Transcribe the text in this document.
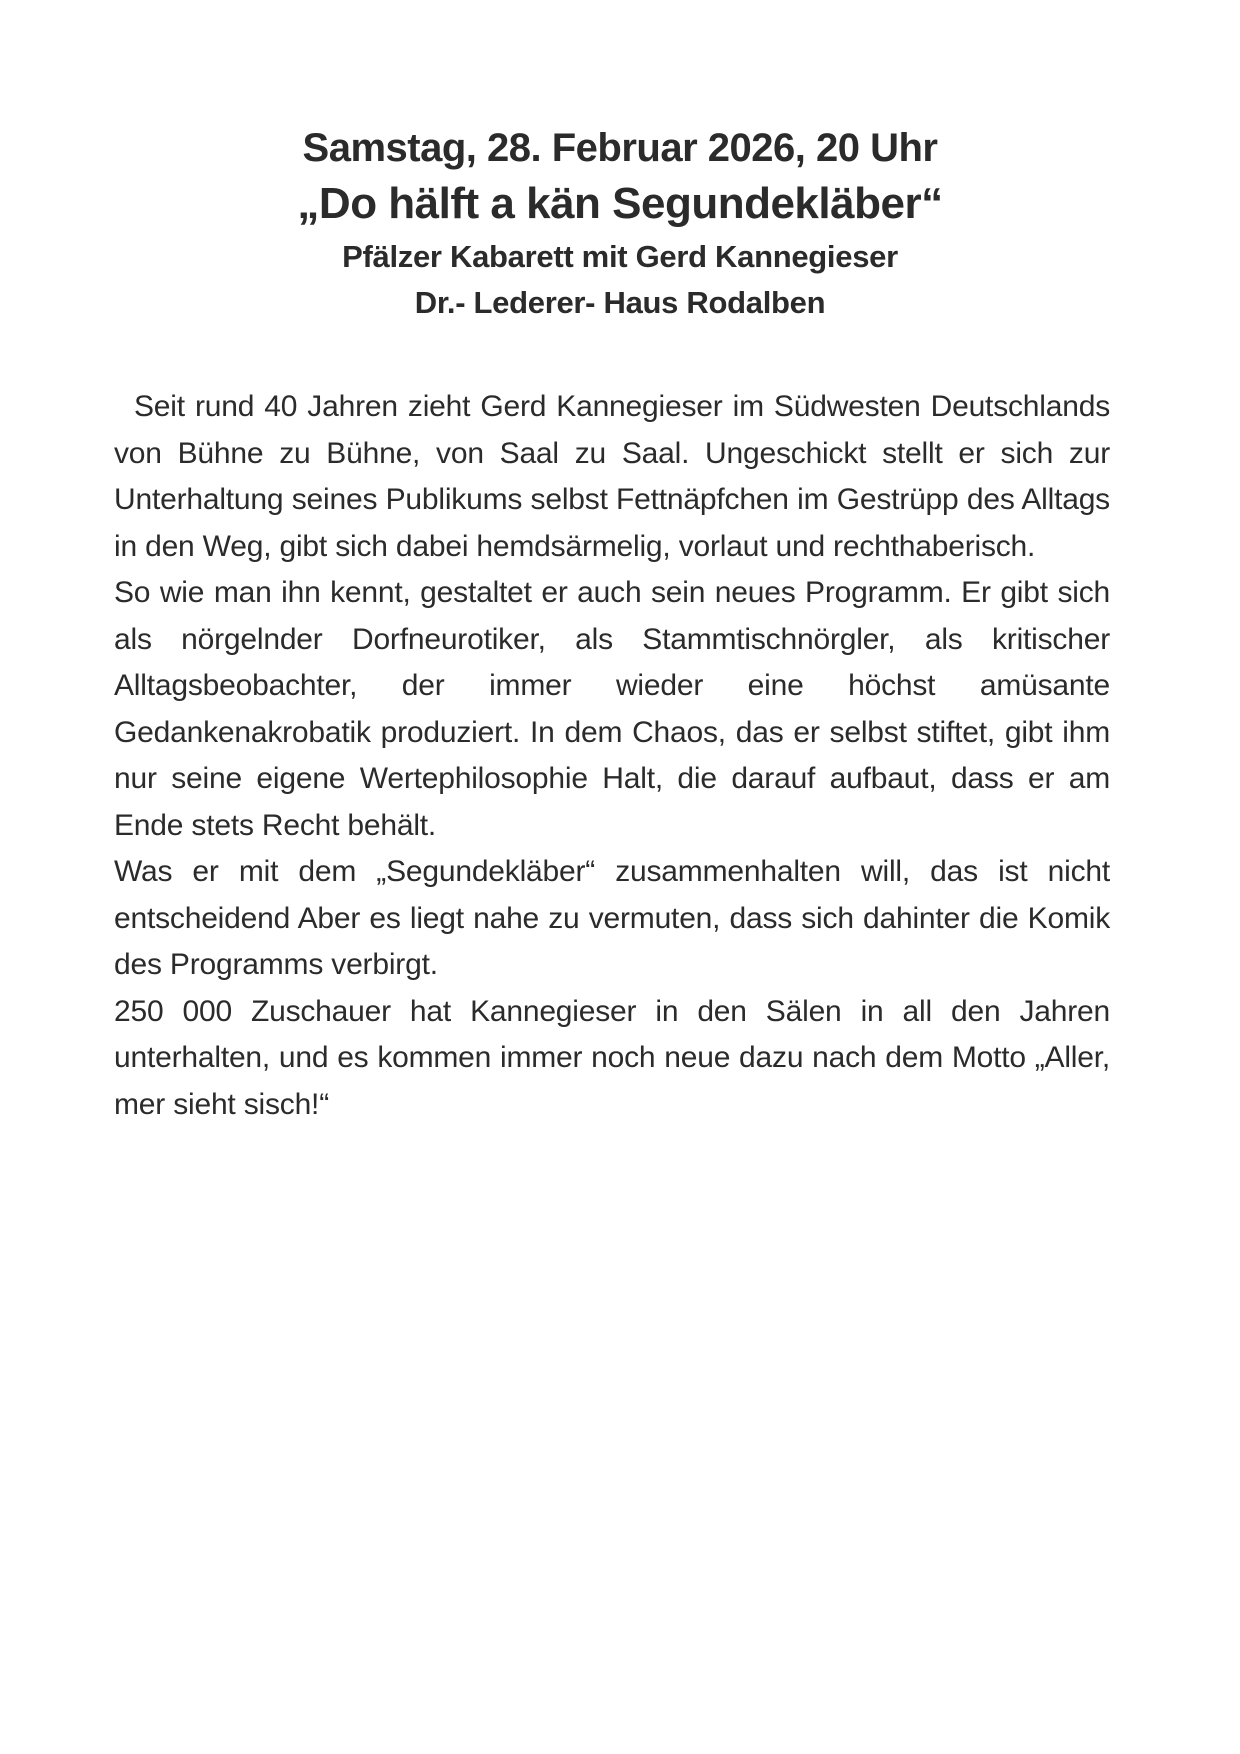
Samstag, 28. Februar 2026, 20 Uhr

„Do hälft a kän Segundekläber“

Pfälzer Kabarett mit Gerd Kannegieser

Dr.- Lederer- Haus Rodalben

Seit rund 40 Jahren zieht Gerd Kannegieser im Südwesten Deutschlands von Bühne zu Bühne, von Saal zu Saal. Ungeschickt stellt er sich zur Unterhaltung seines Publikums selbst Fettnäpfchen im Gestrüpp des Alltags in den Weg, gibt sich dabei hemdsärmelig, vorlaut und rechthaberisch.

So wie man ihn kennt, gestaltet er auch sein neues Programm. Er gibt sich als nörgelnder Dorfneurotiker, als Stammtischnörgler, als kritischer Alltagsbeobachter, der immer wieder eine höchst amüsante Gedankenakrobatik produziert. In dem Chaos, das er selbst stiftet, gibt ihm nur seine eigene Wertephilosophie Halt, die darauf aufbaut, dass er am Ende stets Recht behält.

Was er mit dem „Segundekläber“ zusammenhalten will, das ist nicht entscheidend Aber es liegt nahe zu vermuten, dass sich dahinter die Komik des Programms verbirgt.

250 000 Zuschauer hat Kannegieser in den Sälen in all den Jahren unterhalten, und es kommen immer noch neue dazu nach dem Motto „Aller, mer sieht sisch!“
